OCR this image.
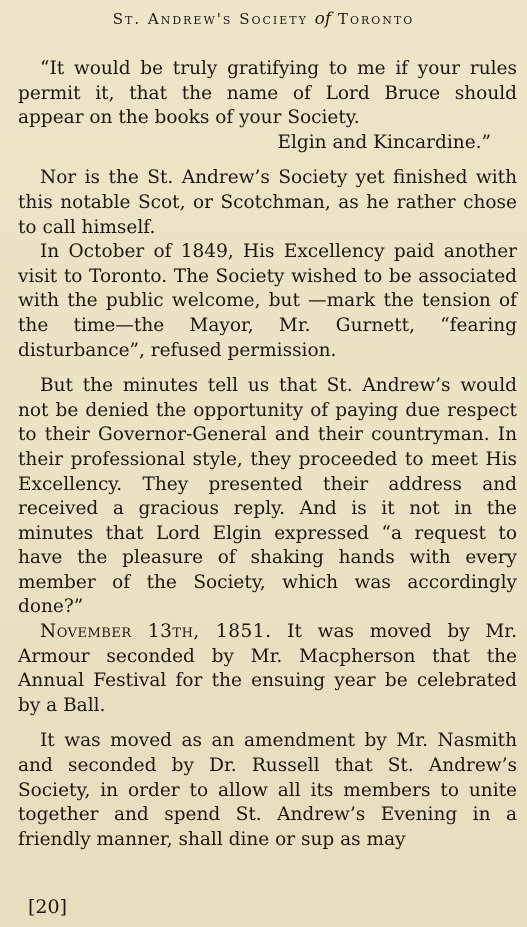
St. Andrew's Society of Toronto

“It would be truly gratifying to me if your rules permit it, that the name of Lord Bruce should appear on the books of your Society.

Elgin and Kincardine.”

Nor is the St. Andrew’s Society yet finished with this notable Scot, or Scotchman, as he rather chose to call himself.

In October of 1849, His Excellency paid another visit to Toronto. The Society wished to be associated with the public welcome, but —mark the tension of the time—the Mayor, Mr. Gurnett, “fearing disturbance”, refused permission.

But the minutes tell us that St. Andrew’s would not be denied the opportunity of paying due respect to their Governor-General and their countryman. In their professional style, they proceeded to meet His Excellency. They presented their address and received a gracious reply. And is it not in the minutes that Lord Elgin expressed “a request to have the pleasure of shaking hands with every member of the Society, which was accordingly done?”

November 13th, 1851. It was moved by Mr. Armour seconded by Mr. Macpherson that the Annual Festival for the ensuing year be celebrated by a Ball.

It was moved as an amendment by Mr. Nasmith and seconded by Dr. Russell that St. Andrew’s Society, in order to allow all its members to unite together and spend St. Andrew’s Evening in a friendly manner, shall dine or sup as may

[20]
